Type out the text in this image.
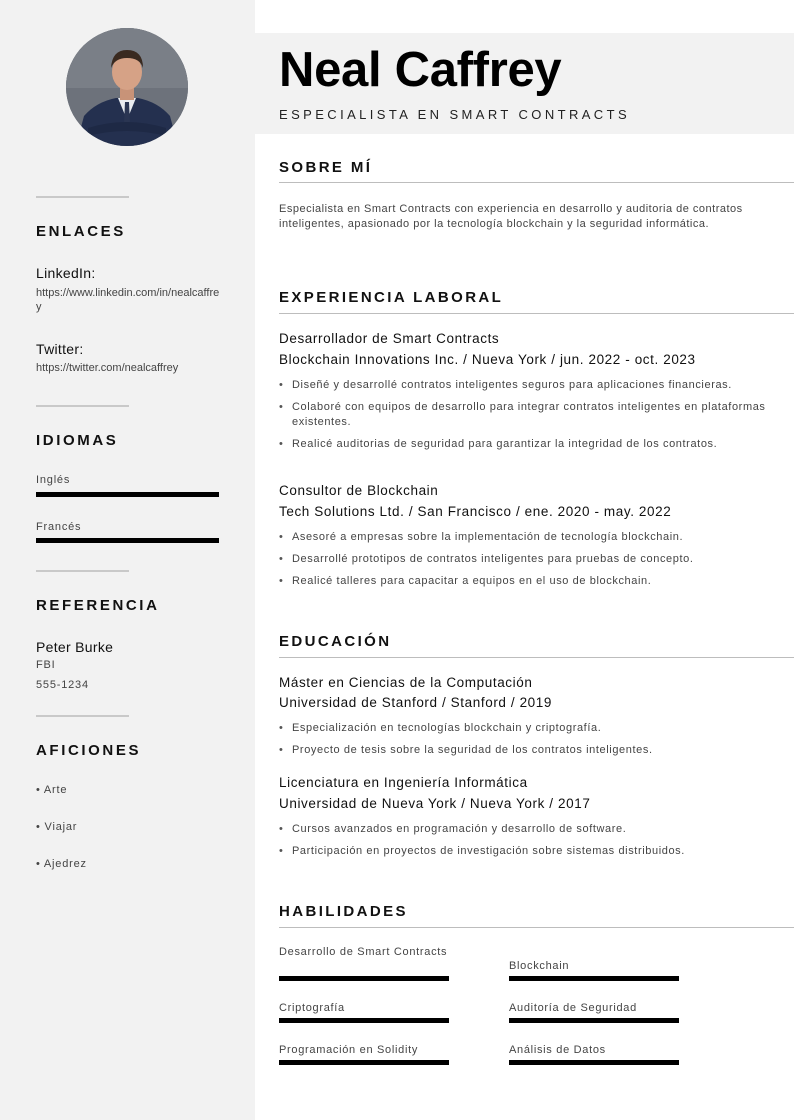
ENLACES
LinkedIn:
https://www.linkedin.com/in/nealcaffrey
Twitter:
https://twitter.com/nealcaffrey
IDIOMAS
Inglés
Francés
REFERENCIA
Peter Burke
FBI
555-1234
AFICIONES
• Arte
• Viajar
• Ajedrez
Neal Caffrey
ESPECIALISTA EN SMART CONTRACTS
SOBRE MÍ
Especialista en Smart Contracts con experiencia en desarrollo y auditoria de contratos inteligentes, apasionado por la tecnología blockchain y la seguridad informática.
EXPERIENCIA LABORAL
Desarrollador de Smart Contracts
Blockchain Innovations Inc. / Nueva York / jun. 2022 - oct. 2023
• Diseñé y desarrollé contratos inteligentes seguros para aplicaciones financieras.
• Colaboré con equipos de desarrollo para integrar contratos inteligentes en plataformas existentes.
• Realicé auditorias de seguridad para garantizar la integridad de los contratos.
Consultor de Blockchain
Tech Solutions Ltd. / San Francisco / ene. 2020 - may. 2022
• Asesoré a empresas sobre la implementación de tecnología blockchain.
• Desarrollé prototipos de contratos inteligentes para pruebas de concepto.
• Realicé talleres para capacitar a equipos en el uso de blockchain.
EDUCACIÓN
Máster en Ciencias de la Computación
Universidad de Stanford / Stanford / 2019
• Especialización en tecnologías blockchain y criptografía.
• Proyecto de tesis sobre la seguridad de los contratos inteligentes.
Licenciatura en Ingeniería Informática
Universidad de Nueva York / Nueva York / 2017
• Cursos avanzados en programación y desarrollo de software.
• Participación en proyectos de investigación sobre sistemas distribuidos.
HABILIDADES
Desarrollo de Smart Contracts
Blockchain
Criptografía	Auditoría de Seguridad
Programación en Solidity	Análisis de Datos
